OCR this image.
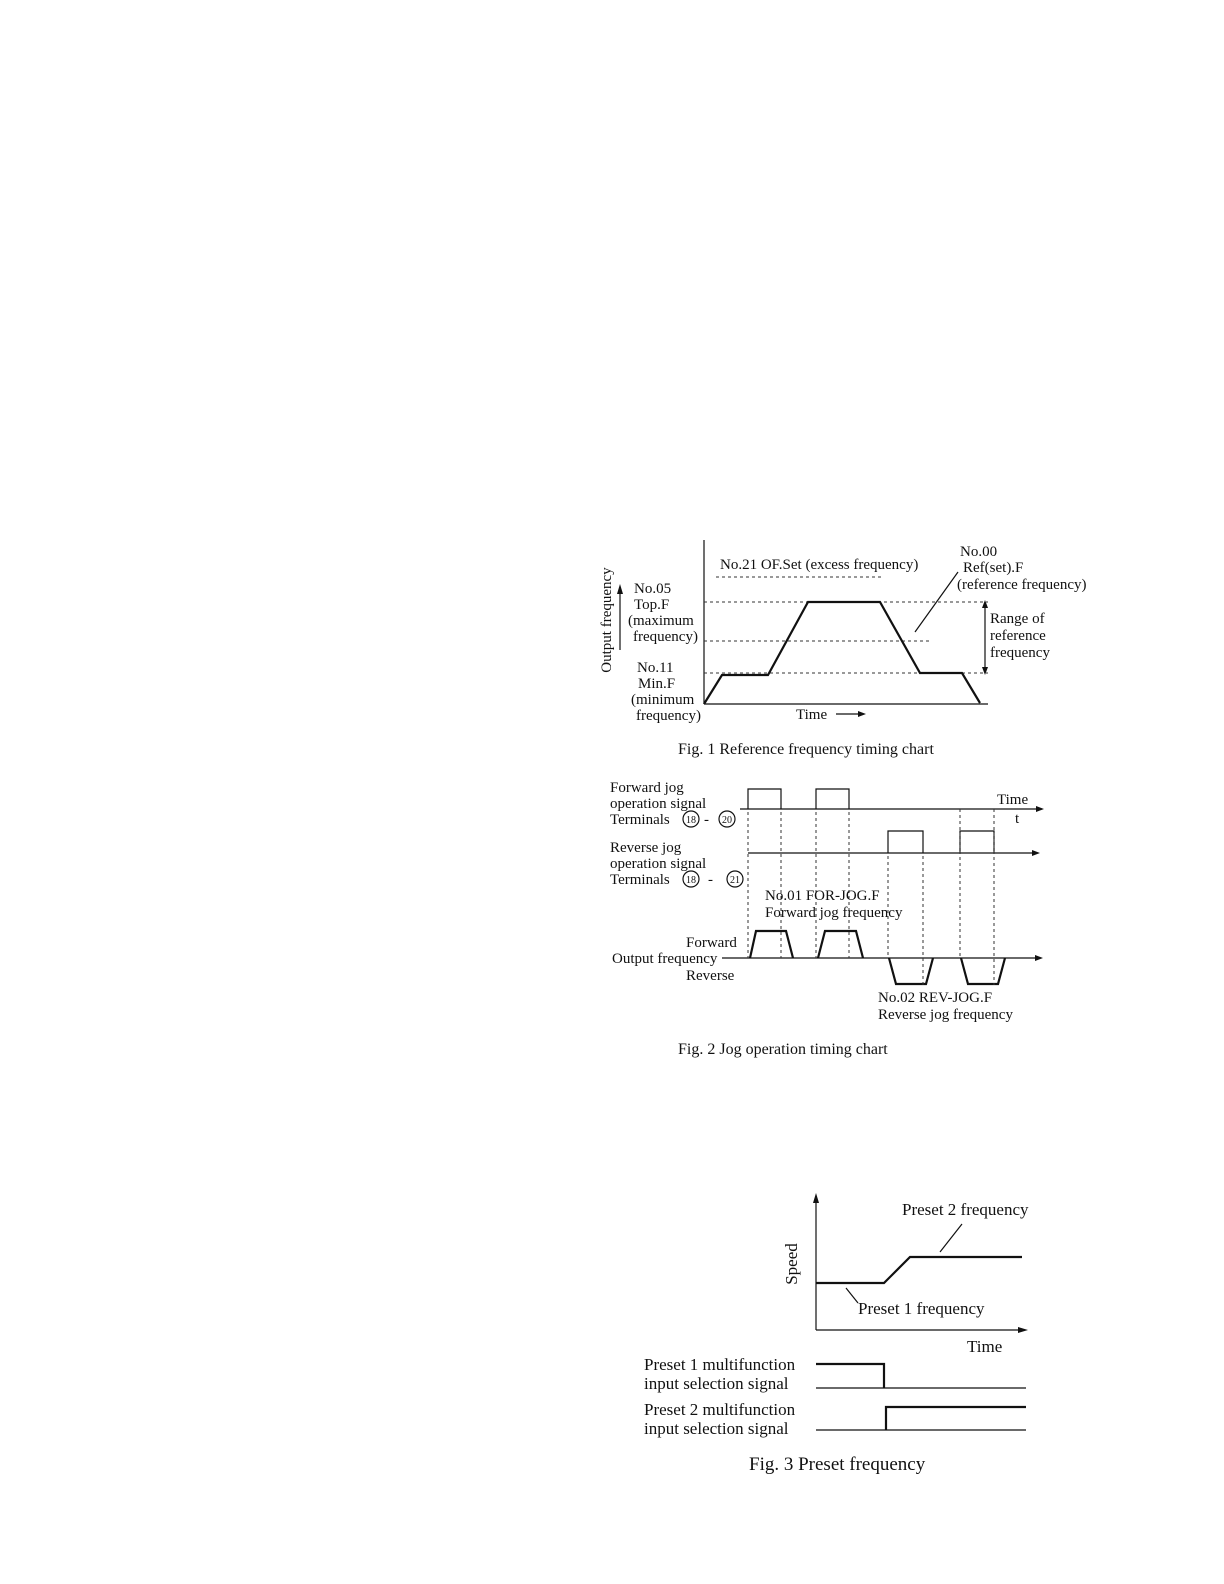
Output frequency
No.21 OF.Set (excess frequency)
No.00
Ref(set).F
(reference frequency)
No.05
Top.F
(maximum
frequency)
No.11
Min.F
(minimum
frequency)
Range of
reference
frequency
Time
Fig. 1 Reference frequency timing chart
Forward jog
operation signal
Terminals 18 - 20
Reverse jog
operation signal
Terminals 18 - 21
Time
t
No.01 FOR-JOG.F
Forward jog frequency
Forward
Output frequency
Reverse
No.02 REV-JOG.F
Reverse jog frequency
Fig. 2 Jog operation timing chart
Speed
Preset 2 frequency
Preset 1 frequency
Time
Preset 1 multifunction
input selection signal
Preset 2 multifunction
input selection signal
Fig. 3 Preset frequency
